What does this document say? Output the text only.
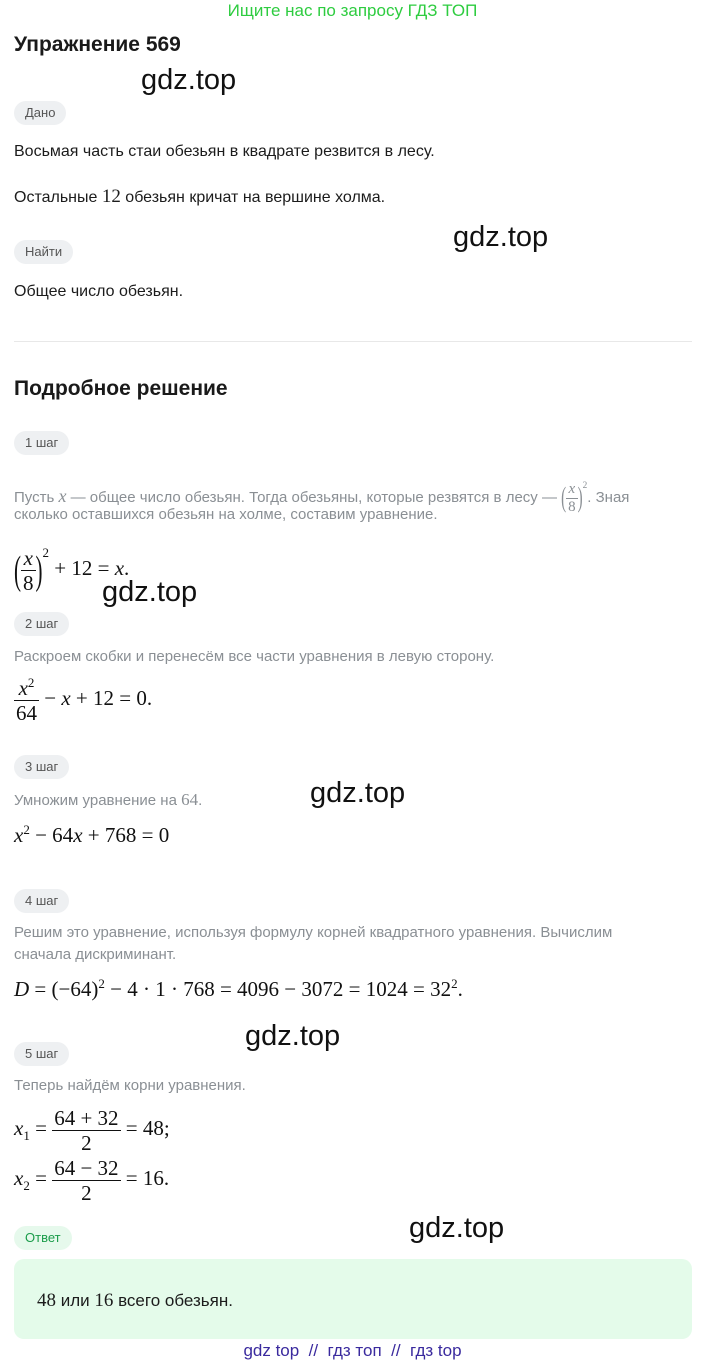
Ищите нас по запросу ГДЗ ТОП
Упражнение 569
gdz.top
gdz.top
gdz.top
gdz.top
gdz.top
gdz.top
Дано
Восьмая часть стаи обезьян в квадрате резвится в лесу.
Остальные 12 обезьян кричат на вершине холма.
Найти
Общее число обезьян.
Подробное решение
1 шаг
Пусть x — общее число обезьян. Тогда обезьяны, которые резвятся в лесу — ( $\frac{x}{8} )^2$. Зная
сколько оставшихся обезьян на холме, составим уравнение.
( $\frac{x}{8} )^2 + 12 = x$.
2 шаг
Раскроем скобки и перенесём все части уравнения в левую сторону.
$\frac{x^2}{64} - x + 12 = 0$.
3 шаг
Умножим уравнение на 64.
$x^2 - 64x + 768 = 0$
4 шаг
Решим это уравнение, используя формулу корней квадратного уравнения. Вычислим
сначала дискриминант.
$D = (-64)^2 - 4 \cdot 1 \cdot 768 = 4096 - 3072 = 1024 = 32^2$.
5 шаг
Теперь найдём корни уравнения.
$x_1 = \frac{64 + 32}{2} = 48$;
$x_2 = \frac{64 - 32}{2} = 16$.
Ответ
48 или 16 всего обезьян.
gdz top  //  гдз топ  //  гдз top
